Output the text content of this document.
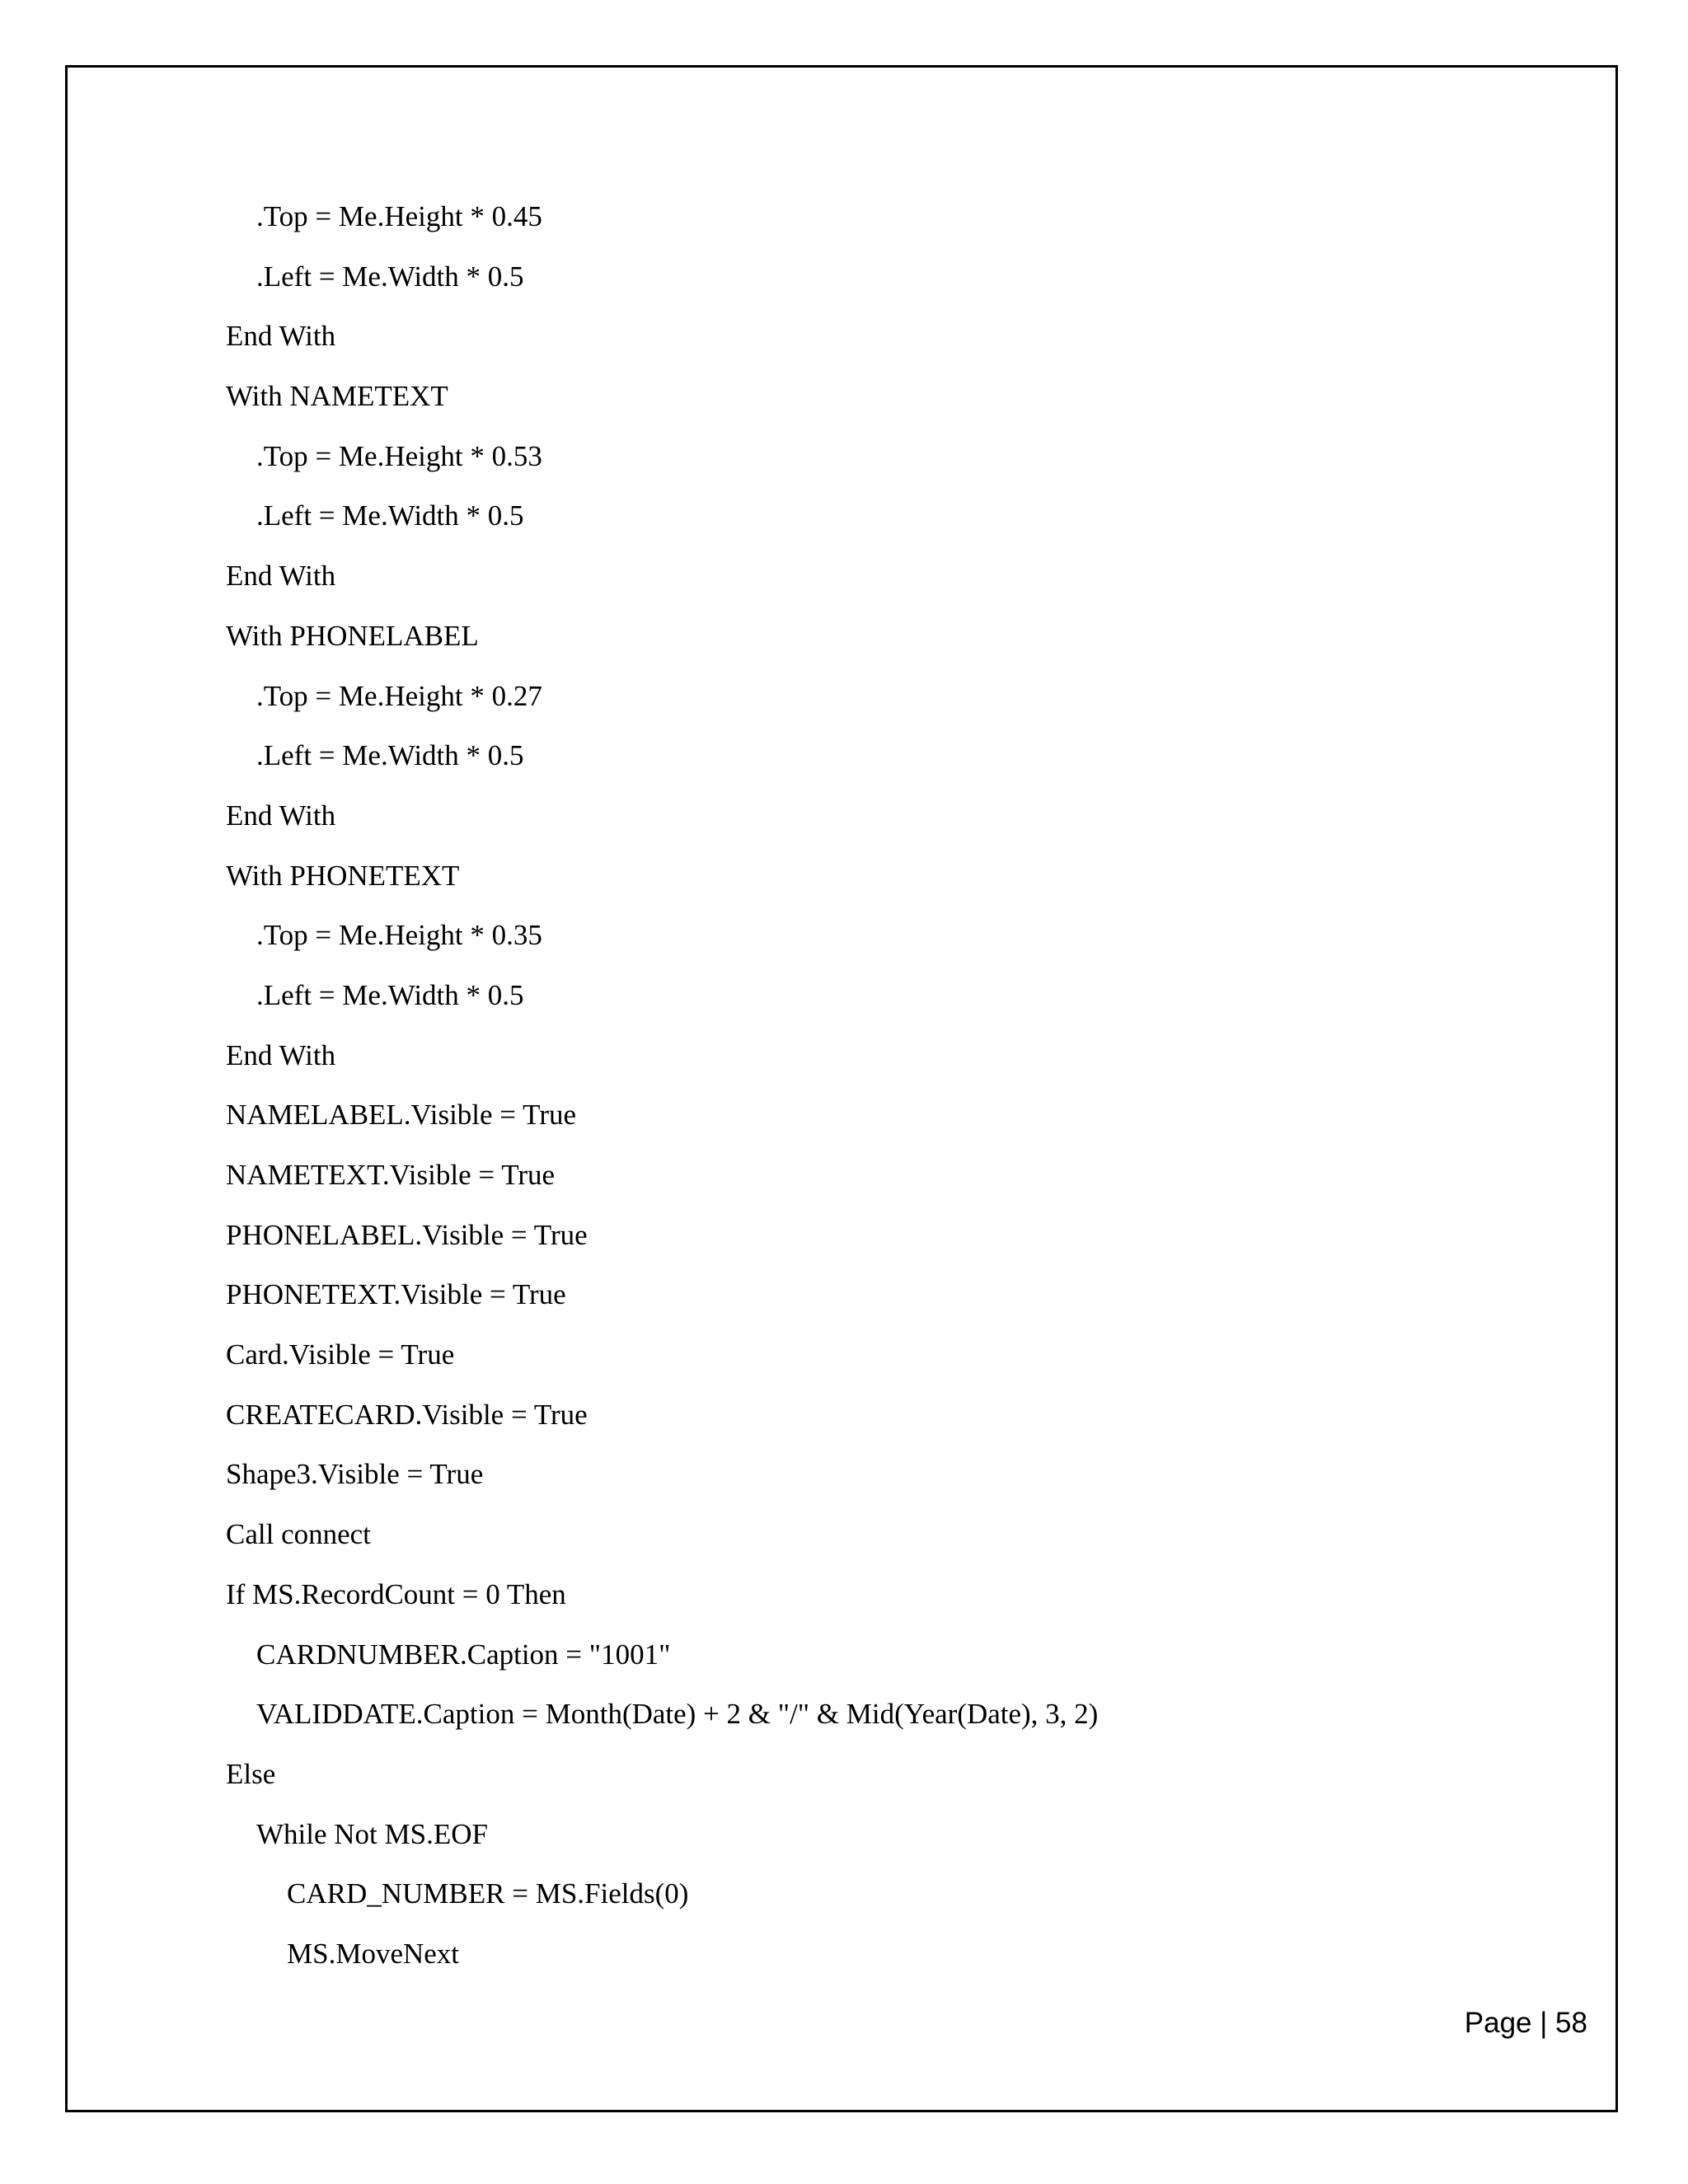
.Top = Me.Height * 0.45
.Left = Me.Width * 0.5
End With
With NAMETEXT
.Top = Me.Height * 0.53
.Left = Me.Width * 0.5
End With
With PHONELABEL
.Top = Me.Height * 0.27
.Left = Me.Width * 0.5
End With
With PHONETEXT
.Top = Me.Height * 0.35
.Left = Me.Width * 0.5
End With
NAMELABEL.Visible = True
NAMETEXT.Visible = True
PHONELABEL.Visible = True
PHONETEXT.Visible = True
Card.Visible = True
CREATECARD.Visible = True
Shape3.Visible = True
Call connect
If MS.RecordCount = 0 Then
CARDNUMBER.Caption = "1001"
VALIDDATE.Caption = Month(Date) + 2 & "/" & Mid(Year(Date), 3, 2)
Else
While Not MS.EOF
CARD_NUMBER = MS.Fields(0)
MS.MoveNext
Page | 58
